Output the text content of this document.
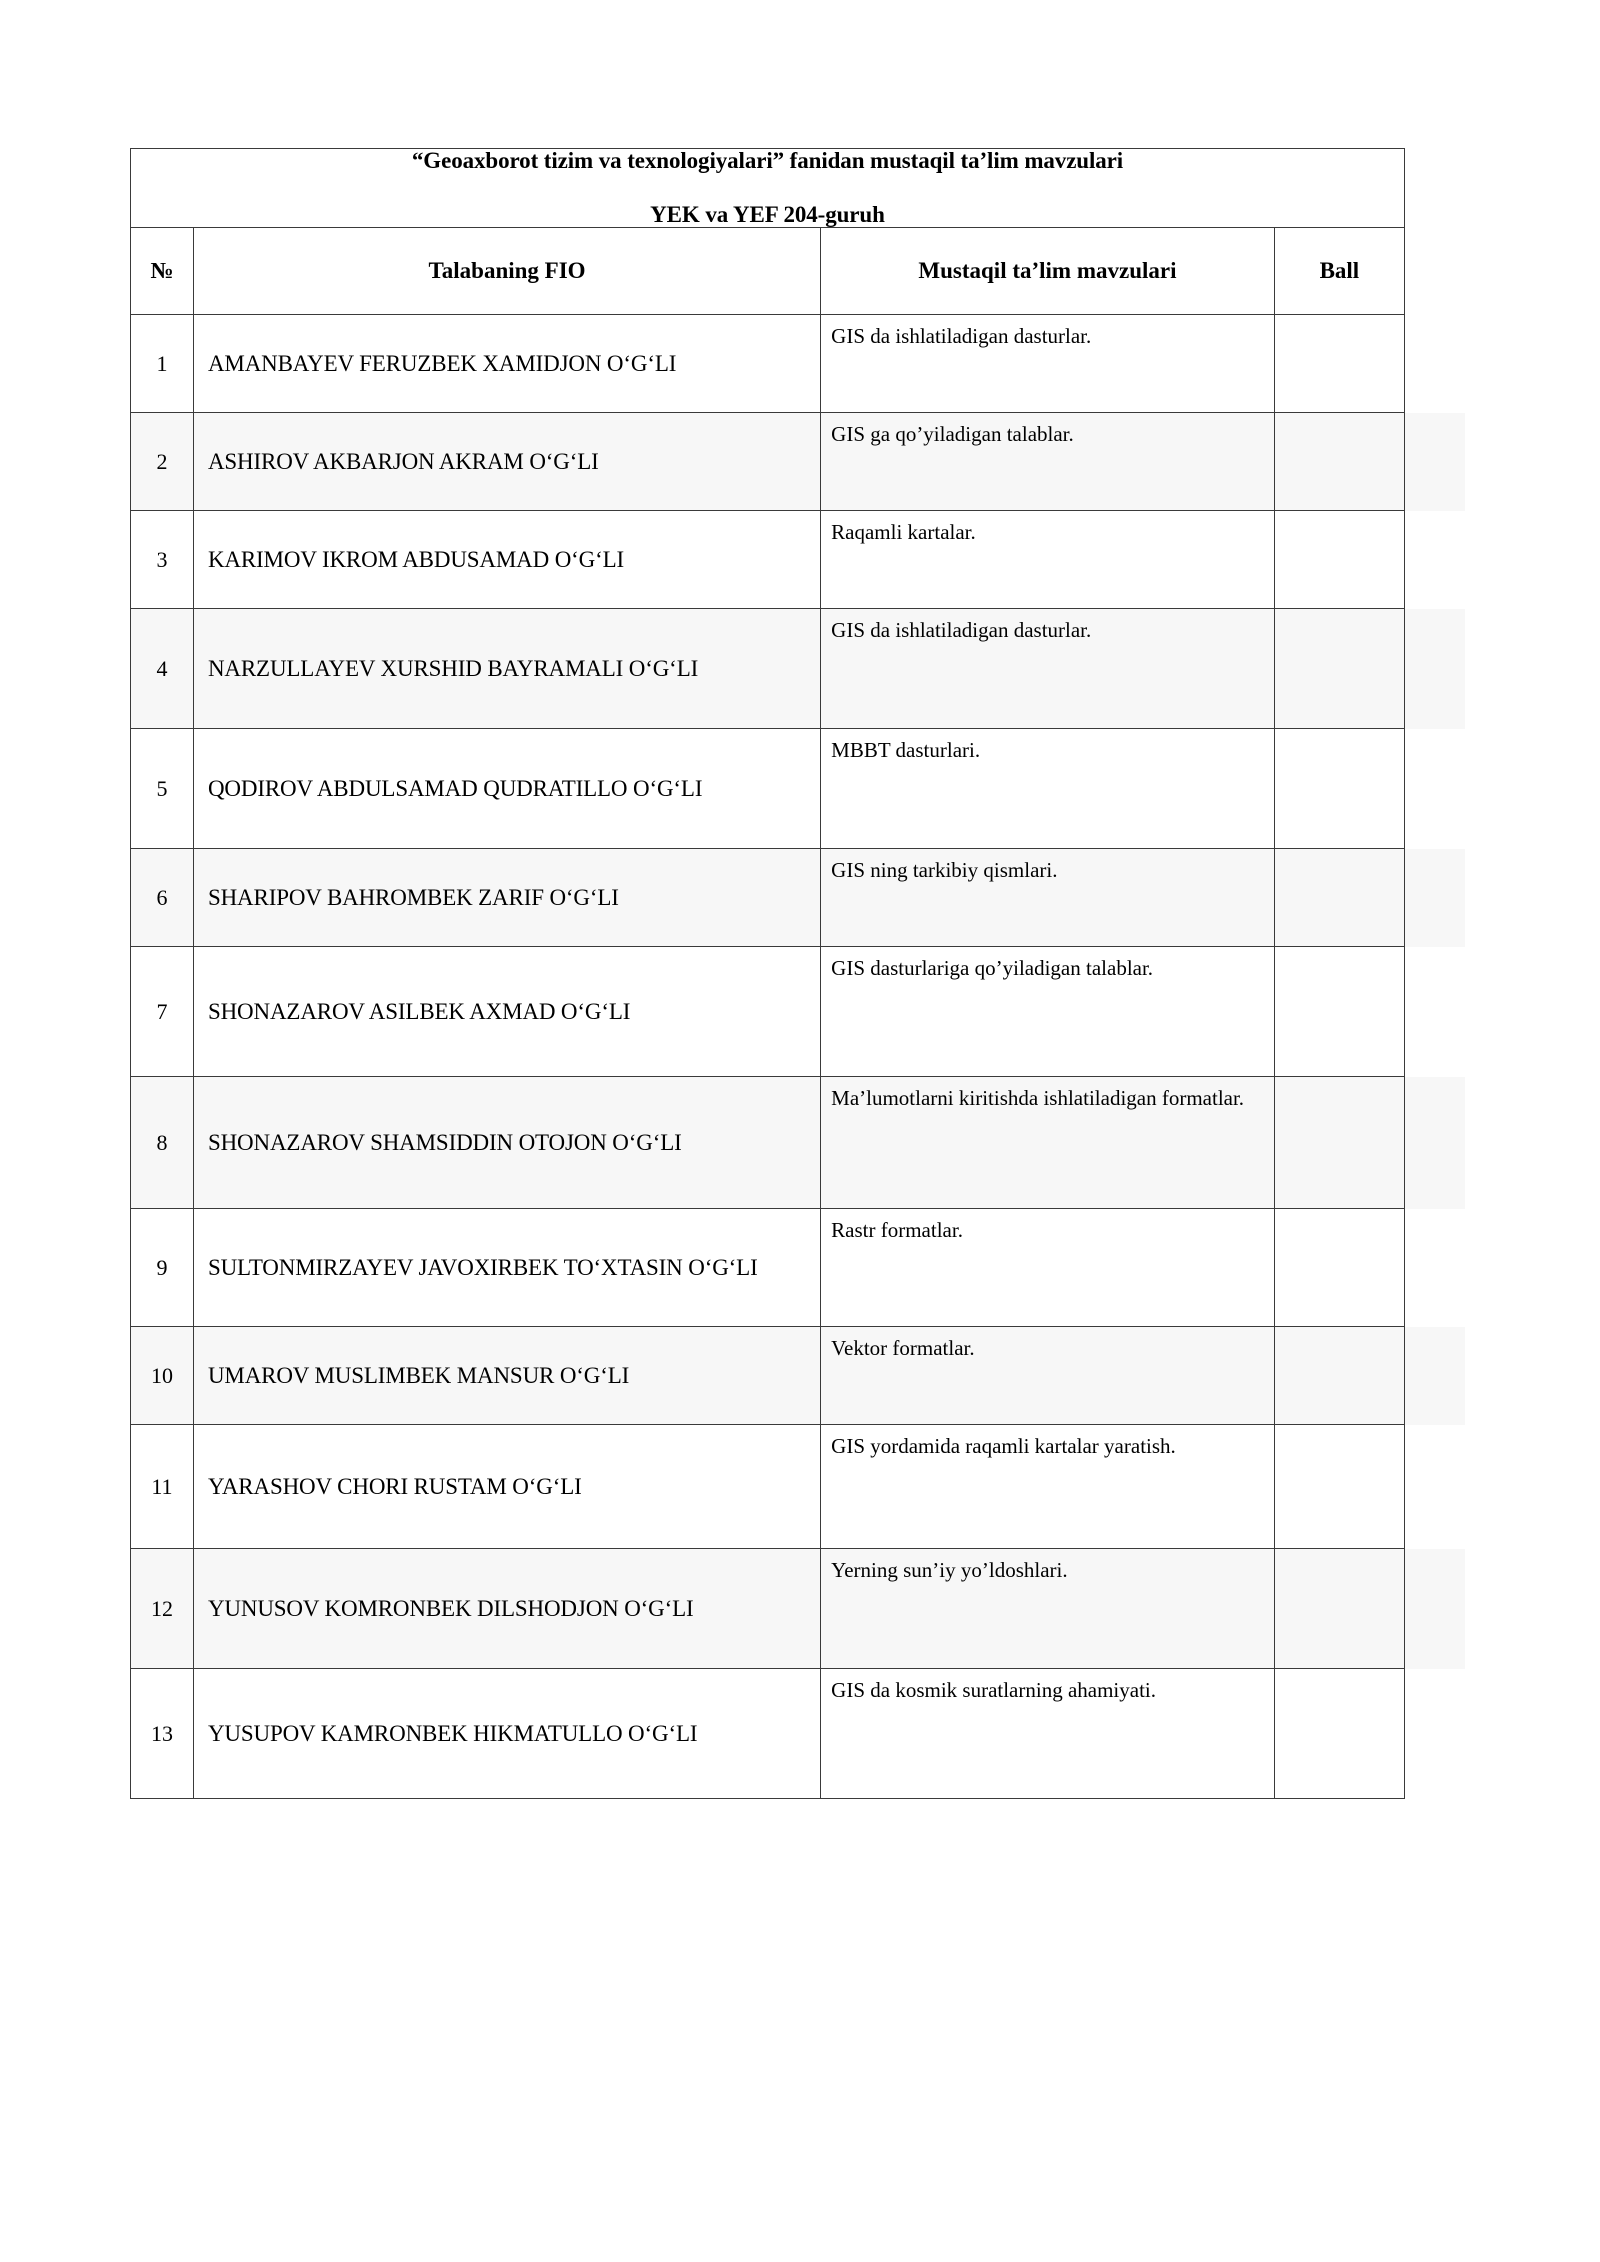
“Geoaxborot tizim va texnologiyalari” fanidan mustaqil ta’lim mavzulari
YEK va YEF 204-guruh			

№	Talabaning FIO	Mustaqil ta’lim mavzulari	Ball
1	AMANBAYEV FERUZBEK XAMIDJON O‘G‘LI	GIS da ishlatiladigan dasturlar.	
2	ASHIROV AKBARJON AKRAM O‘G‘LI	GIS ga qo’yiladigan talablar.	
3	KARIMOV IKROM ABDUSAMAD O‘G‘LI	Raqamli kartalar.	
4	NARZULLAYEV XURSHID BAYRAMALI O‘G‘LI	GIS da ishlatiladigan dasturlar.	
5	QODIROV ABDULSAMAD QUDRATILLO O‘G‘LI	MBBT dasturlari.	
6	SHARIPOV BAHROMBEK ZARIF O‘G‘LI	GIS ning tarkibiy qismlari.	
7	SHONAZAROV ASILBEK AXMAD O‘G‘LI	GIS dasturlariga qo’yiladigan talablar.	
8	SHONAZAROV SHAMSIDDIN OTOJON O‘G‘LI	Ma’lumotlarni kiritishda ishlatiladigan formatlar.	
9	SULTONMIRZAYEV JAVOXIRBEK TO‘XTASIN O‘G‘LI	Rastr formatlar.	
10	UMAROV MUSLIMBEK MANSUR O‘G‘LI	Vektor formatlar.	
11	YARASHOV CHORI RUSTAM O‘G‘LI	GIS yordamida raqamli kartalar yaratish.	
12	YUNUSOV KOMRONBEK DILSHODJON O‘G‘LI	Yerning sun’iy yo’ldoshlari.	
13	YUSUPOV KAMRONBEK HIKMATULLO O‘G‘LI	GIS da kosmik suratlarning ahamiyati.	
